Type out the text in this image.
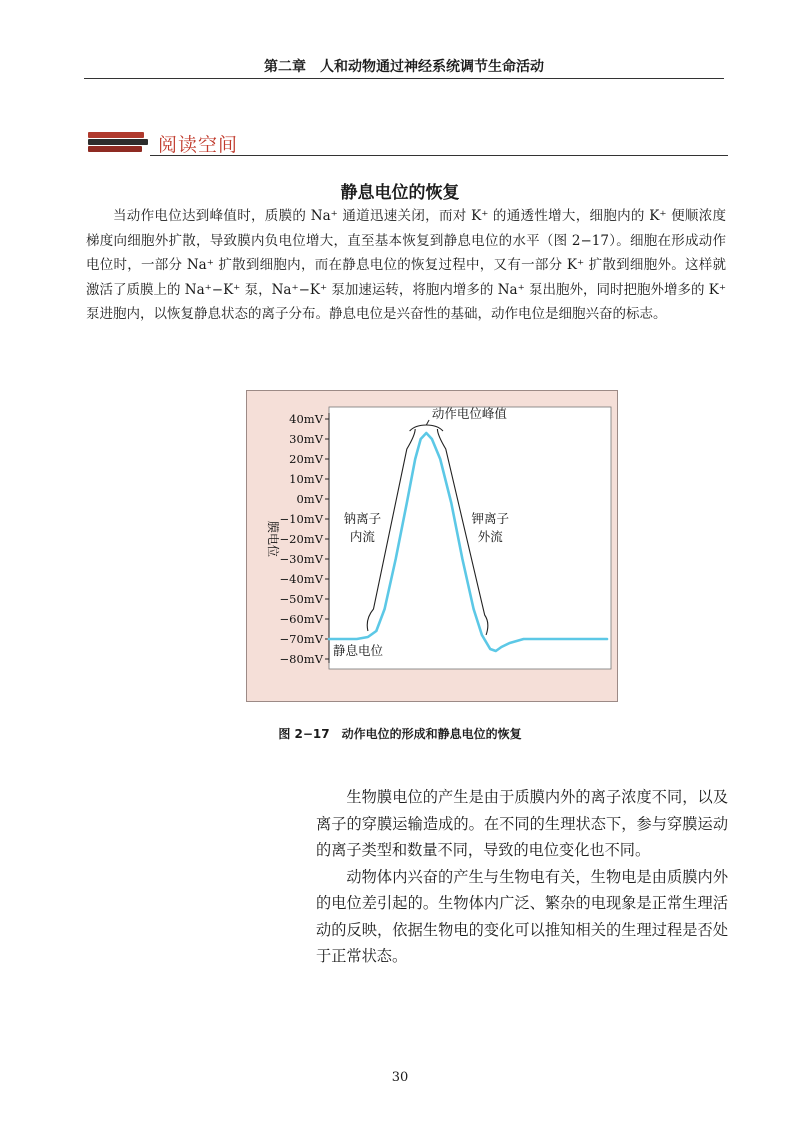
第二章　人和动物通过神经系统调节生命活动
阅读空间
静息电位的恢复
当动作电位达到峰值时，质膜的 Na⁺ 通道迅速关闭，而对 K⁺ 的通透性增大，细胞内的 K⁺ 便顺浓度梯度向细胞外扩散，导致膜内负电位增大，直至基本恢复到静息电位的水平（图 2−17）。细胞在形成动作电位时，一部分 Na⁺ 扩散到细胞内，而在静息电位的恢复过程中，又有一部分 K⁺ 扩散到细胞外。这样就激活了质膜上的 Na⁺−K⁺ 泵，Na⁺−K⁺ 泵加速运转，将胞内增多的 Na⁺ 泵出胞外，同时把胞外增多的 K⁺ 泵进胞内，以恢复静息状态的离子分布。静息电位是兴奋性的基础，动作电位是细胞兴奋的标志。
40mV
30mV
20mV
10mV
0mV
−10mV
−20mV
−30mV
−40mV
−50mV
−60mV
−70mV
−80mV
膜电位
动作电位峰值
钠离子
内流
钾离子
外流
静息电位
图 2−17　动作电位的形成和静息电位的恢复

生物膜电位的产生是由于质膜内外的离子浓度不同，以及离子的穿膜运输造成的。在不同的生理状态下，参与穿膜运动的离子类型和数量不同，导致的电位变化也不同。

动物体内兴奋的产生与生物电有关，生物电是由质膜内外的电位差引起的。生物体内广泛、繁杂的电现象是正常生理活动的反映，依据生物电的变化可以推知相关的生理过程是否处于正常状态。

30
